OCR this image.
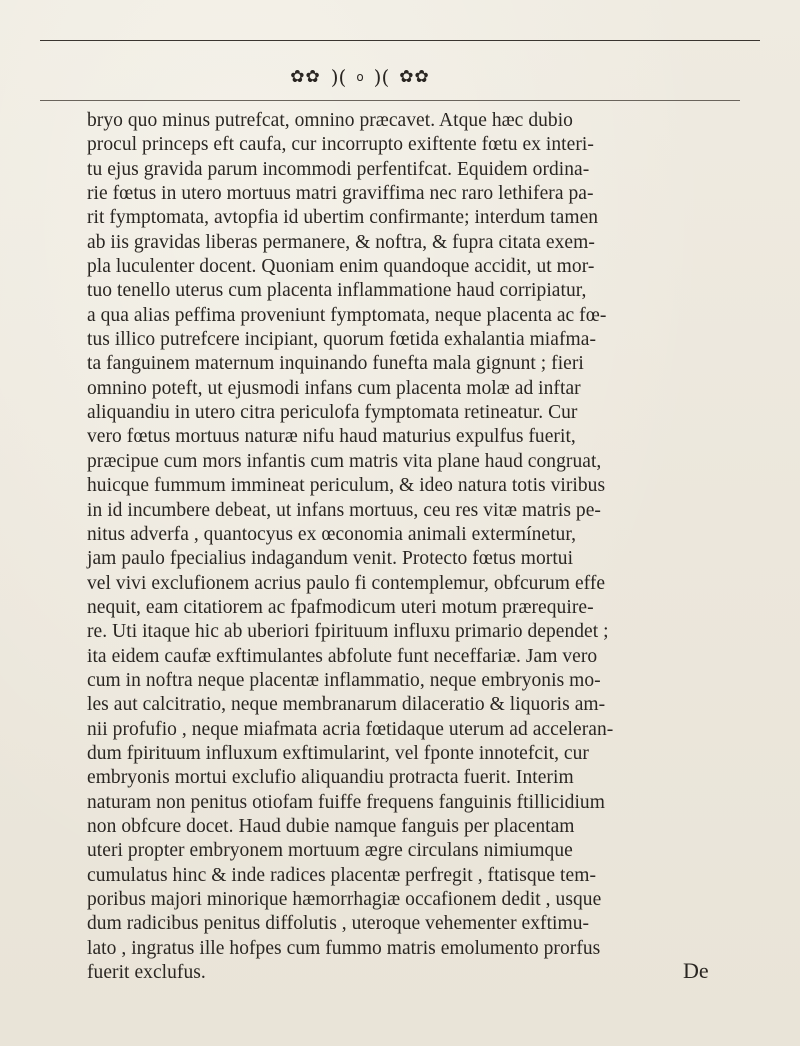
✿✿ )( o )( ✿✿
bryo quo minus putrefcat, omnino præcavet. Atque hæc dubio
procul princeps eft caufa, cur incorrupto exiftente fœtu ex interi-
tu ejus gravida parum incommodi perfentifcat. Equidem ordina-
rie fœtus in utero mortuus matri graviffima nec raro lethifera pa-
rit fymptomata, avtopfia id ubertim confirmante; interdum tamen
ab iis gravidas liberas permanere, & noftra, & fupra citata exem-
pla luculenter docent. Quoniam enim quandoque accidit, ut mor-
tuo tenello uterus cum placenta inflammatione haud corripiatur,
a qua alias peffima proveniunt fymptomata, neque placenta ac fœ-
tus illico putrefcere incipiant, quorum fœtida exhalantia miafma-
ta fanguinem maternum inquinando funefta mala gignunt ; fieri
omnino poteft, ut ejusmodi infans cum placenta molæ ad inftar
aliquandiu in utero citra periculofa fymptomata retineatur. Cur
vero fœtus mortuus naturæ nifu haud maturius expulfus fuerit,
præcipue cum mors infantis cum matris vita plane haud congruat,
huicque fummum immineat periculum, & ideo natura totis viribus
in id incumbere debeat, ut infans mortuus, ceu res vitæ matris pe-
nitus adverfa , quantocyus ex œconomia animali extermínetur,
jam paulo fpecialius indagandum venit. Protecto fœtus mortui
vel vivi exclufionem acrius paulo fi contemplemur, obfcurum effe
nequit, eam citatiorem ac fpafmodicum uteri motum prærequire-
re. Uti itaque hic ab uberiori fpirituum influxu primario dependet ;
ita eidem caufæ exftimulantes abfolute funt neceffariæ. Jam vero
cum in noftra neque placentæ inflammatio, neque embryonis mo-
les aut calcitratio, neque membranarum dilaceratio & liquoris am-
nii profufio , neque miafmata acria fœtidaque uterum ad acceleran-
dum fpirituum influxum exftimularint, vel fponte innotefcit, cur
embryonis mortui exclufio aliquandiu protracta fuerit. Interim
naturam non penitus otiofam fuiffe frequens fanguinis ftillicidium
non obfcure docet. Haud dubie namque fanguis per placentam
uteri propter embryonem mortuum ægre circulans nimiumque
cumulatus hinc & inde radices placentæ perfregit , ftatisque tem-
poribus majori minorique hæmorrhagiæ occafionem dedit , usque
dum radicibus penitus diffolutis , uteroque vehementer exftimu-
lato , ingratus ille hofpes cum fummo matris emolumento prorfus
fuerit exclufus.	De
